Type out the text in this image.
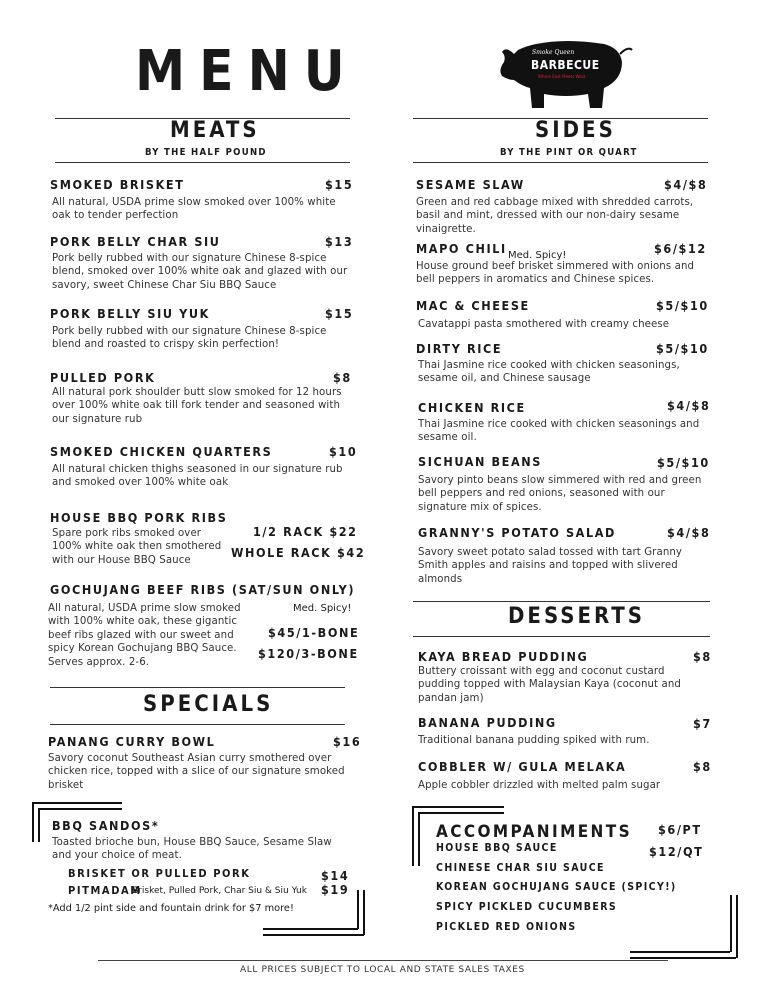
MENU	Smoke Queen
BARBECUE
Where East Meets West
MEATS
BY THE HALF POUND
SIDES
BY THE PINT OR QUART
SMOKED BRISKET	$15
All natural, USDA prime slow smoked over 100% white oak to tender perfection
PORK BELLY CHAR SIU	$13
Pork belly rubbed with our signature Chinese 8-spice blend, smoked over 100% white oak and glazed with our savory, sweet Chinese Char Siu BBQ Sauce
PORK BELLY SIU YUK	$15
Pork belly rubbed with our signature Chinese 8-spice blend and roasted to crispy skin perfection!
PULLED PORK	$8
All natural pork shoulder butt slow smoked for 12 hours over 100% white oak till fork tender and seasoned with our signature rub
SMOKED CHICKEN QUARTERS	$10
All natural chicken thighs seasoned in our signature rub and smoked over 100% white oak
HOUSE BBQ PORK RIBS
Spare pork ribs smoked over 100% white oak then smothered with our House BBQ Sauce
1/2 RACK $22
WHOLE RACK $42
GOCHUJANG BEEF RIBS (SAT/SUN ONLY)
Med. Spicy!
All natural, USDA prime slow smoked with 100% white oak, these gigantic beef ribs glazed with our sweet and spicy Korean Gochujang BBQ Sauce. Serves approx. 2-6.
$45/1-BONE
$120/3-BONE
SPECIALS
PANANG CURRY BOWL	$16
Savory coconut Southeast Asian curry smothered over chicken rice, topped with a slice of our signature smoked brisket
BBQ SANDOS*
Toasted brioche bun, House BBQ Sauce, Sesame Slaw and your choice of meat.
BRISKET OR PULLED PORK	$14
PITMADAM
Brisket, Pulled Pork, Char Siu & Siu Yuk $19
*Add 1/2 pint side and fountain drink for $7 more!
SESAME SLAW	$4/$8
Green and red cabbage mixed with shredded carrots, basil and mint, dressed with our non-dairy sesame vinaigrette.
MAPO CHILI Med. Spicy!	$6/$12
House ground beef brisket simmered with onions and bell peppers in aromatics and Chinese spices.
MAC & CHEESE	$5/$10
Cavatappi pasta smothered with creamy cheese
DIRTY RICE	$5/$10
Thai Jasmine rice cooked with chicken seasonings, sesame oil, and Chinese sausage
CHICKEN RICE	$4/$8
Thai Jasmine rice cooked with chicken seasonings and sesame oil.
SICHUAN BEANS	$5/$10
Savory pinto beans slow simmered with red and green bell peppers and red onions, seasoned with our signature mix of spices.
GRANNY'S POTATO SALAD	$4/$8
Savory sweet potato salad tossed with tart Granny Smith apples and raisins and topped with slivered almonds
DESSERTS
KAYA BREAD PUDDING	$8
Buttery croissant with egg and coconut custard pudding topped with Malaysian Kaya (coconut and pandan jam)
BANANA PUDDING	$7
Traditional banana pudding spiked with rum.
COBBLER W/ GULA MELAKA	$8
Apple cobbler drizzled with melted palm sugar
ACCOMPANIMENTS $6/PT
$12/QT
HOUSE BBQ SAUCE
CHINESE CHAR SIU SAUCE
KOREAN GOCHUJANG SAUCE (SPICY!)
SPICY PICKLED CUCUMBERS
PICKLED RED ONIONS
ALL PRICES SUBJECT TO LOCAL AND STATE SALES TAXES
